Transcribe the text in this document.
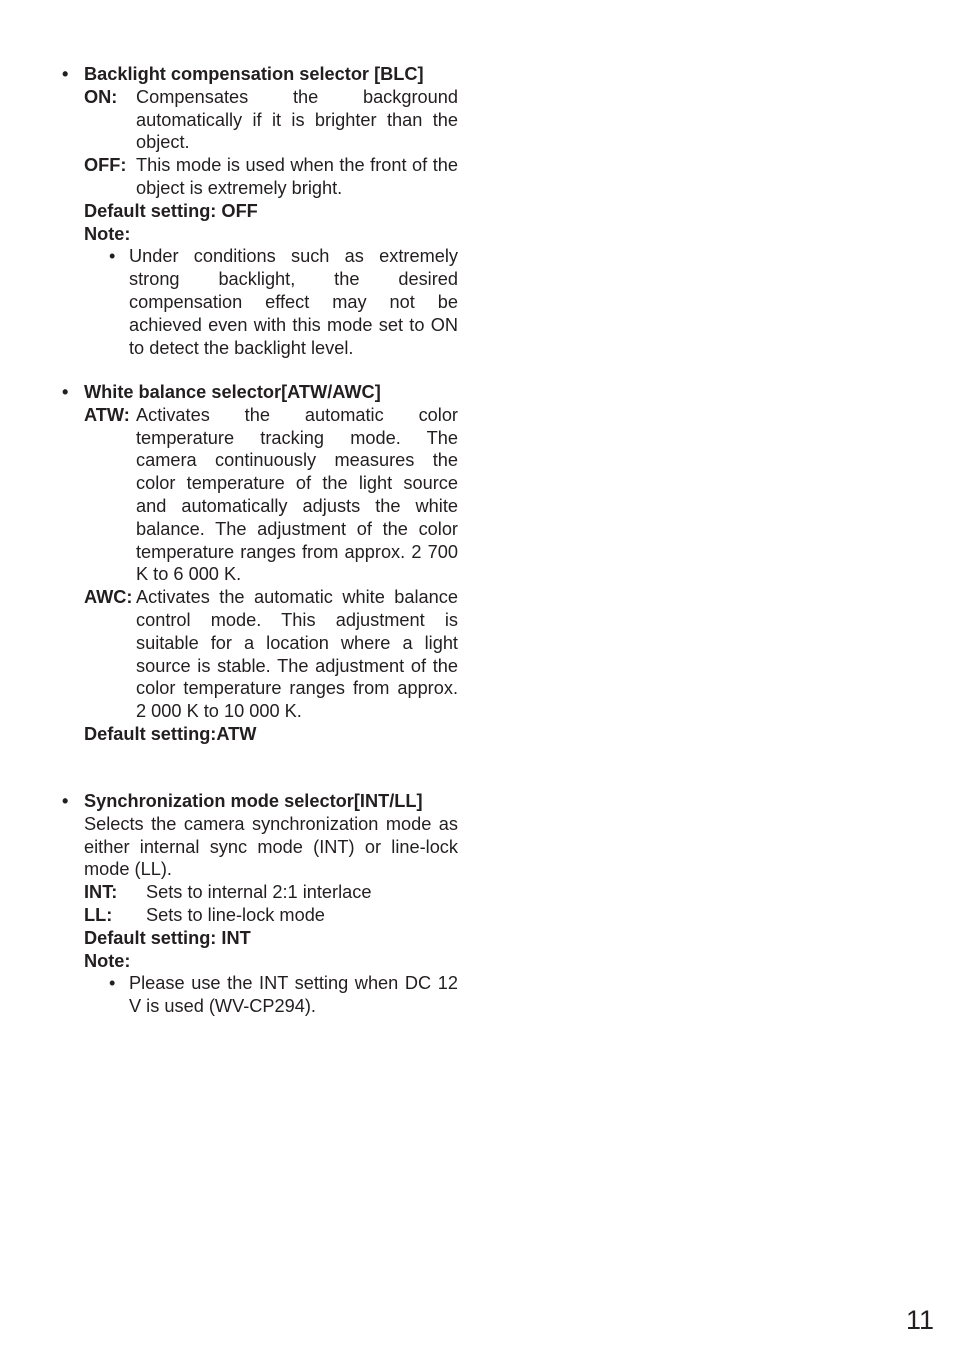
• Backlight compensation selector [BLC]
ON: Compensates the background automatically if it is brighter than the object.
OFF: This mode is used when the front of the object is extremely bright.
Default setting: OFF
Note:
• Under conditions such as extremely strong backlight, the desired compensation effect may not be achieved even with this mode set to ON to detect the backlight level.
• White balance selector[ATW/AWC]
ATW: Activates the automatic color temperature tracking mode. The camera continuously measures the color temperature of the light source and automatically adjusts the white balance. The adjustment of the color temperature ranges from approx. 2 700 K to 6 000 K.
AWC: Activates the automatic white balance control mode. This adjustment is suitable for a location where a light source is stable. The adjustment of the color temperature ranges from approx. 2 000 K to 10 000 K.
Default setting:ATW
• Synchronization mode selector[INT/LL]
Selects the camera synchronization mode as either internal sync mode (INT) or line-lock mode (LL).
INT: Sets to internal 2:1 interlace
LL: Sets to line-lock mode
Default setting: INT
Note:
• Please use the INT setting when DC 12 V is used (WV-CP294).
11
